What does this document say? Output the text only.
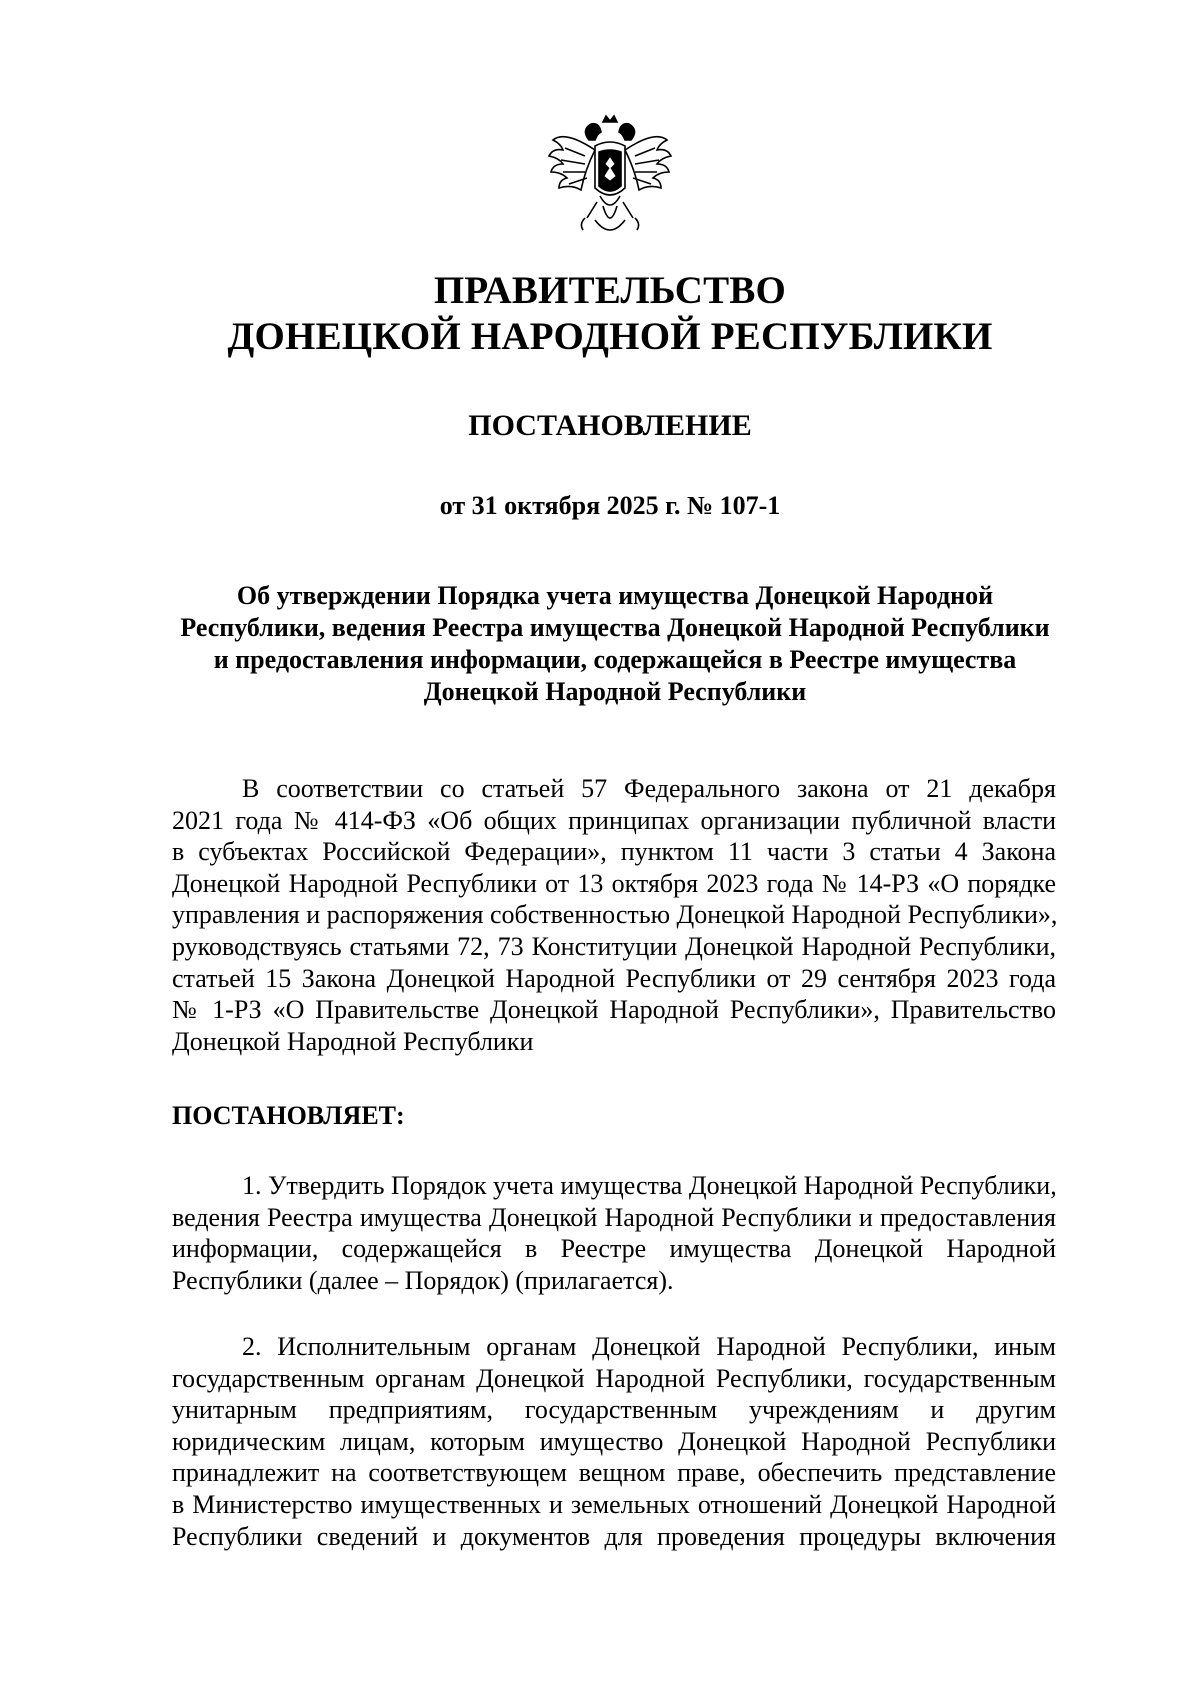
ПРАВИТЕЛЬСТВО
ДОНЕЦКОЙ НАРОДНОЙ РЕСПУБЛИКИ
ПОСТАНОВЛЕНИЕ
от 31 октября 2025 г. № 107-1
Об утверждении Порядка учета имущества Донецкой Народной
Республики, ведения Реестра имущества Донецкой Народной Республики
и предоставления информации, содержащейся в Реестре имущества
Донецкой Народной Республики
В соответствии со статьей 57 Федерального закона от 21 декабря
2021 года № 414-ФЗ «Об общих принципах организации публичной власти
в субъектах Российской Федерации», пунктом 11 части 3 статьи 4 Закона
Донецкой Народной Республики от 13 октября 2023 года № 14-РЗ «О порядке
управления и распоряжения собственностью Донецкой Народной Республики»,
руководствуясь статьями 72, 73 Конституции Донецкой Народной Республики,
статьей 15 Закона Донецкой Народной Республики от 29 сентября 2023 года
№ 1-РЗ «О Правительстве Донецкой Народной Республики», Правительство
Донецкой Народной Республики
ПОСТАНОВЛЯЕТ:
1. Утвердить Порядок учета имущества Донецкой Народной Республики,
ведения Реестра имущества Донецкой Народной Республики и предоставления
информации, содержащейся в Реестре имущества Донецкой Народной
Республики (далее – Порядок) (прилагается).
2. Исполнительным органам Донецкой Народной Республики, иным
государственным органам Донецкой Народной Республики, государственным
унитарным предприятиям, государственным учреждениям и другим
юридическим лицам, которым имущество Донецкой Народной Республики
принадлежит на соответствующем вещном праве, обеспечить представление
в Министерство имущественных и земельных отношений Донецкой Народной
Республики сведений и документов для проведения процедуры включения
